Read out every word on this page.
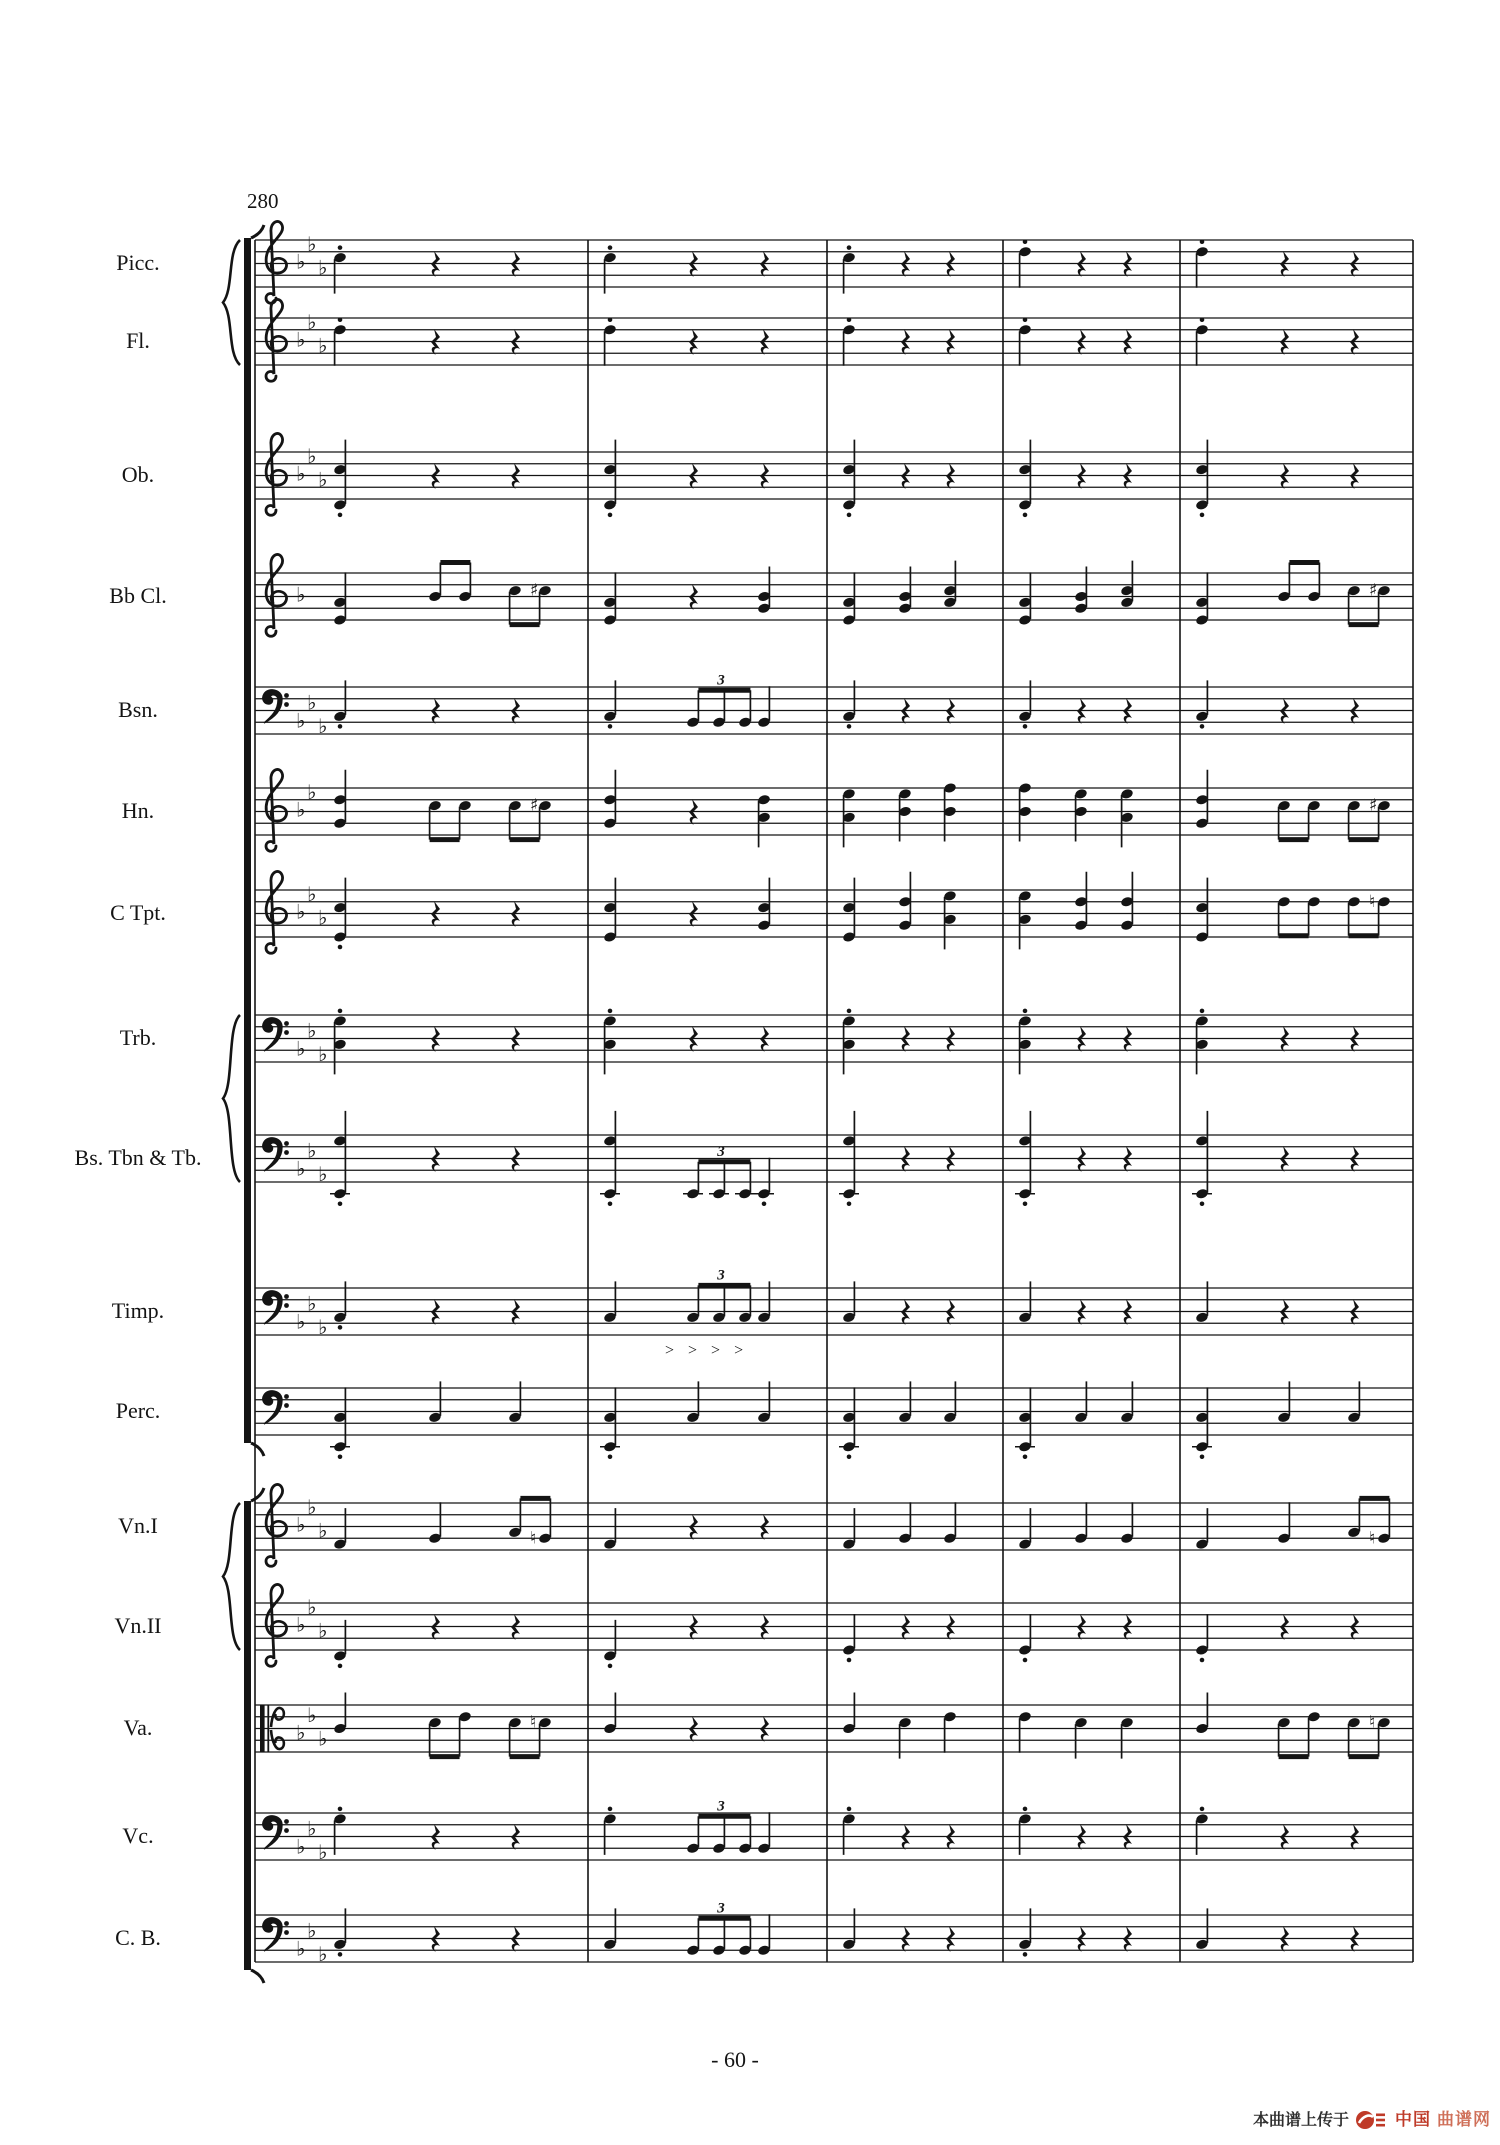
280
♭
♭
♭
♭
♭
♭
♭
♭
♭
♭	♯	♯
♭
♭
♭
3
♭
♭
♯	♯
♭
♭
♭
♮
♭
♭
♭
♭
♭
♭
3
♭
♭
♭
3
> > > >
♭
♭
♭	♮	♮
♭
♭
♭
♭
♭
♭
♮	♮
♭
♭
♭
3
♭
♭
♭
3
Picc.
Fl.
Ob.
Bb Cl.
Bsn.
Hn.
C Tpt.
Trb.
Bs. Tbn & Tb.
Timp.
Perc.
Vn.I
Vn.II
Va.
Vc.
C. B.
- 60 -
本曲谱上传于	中国 曲谱网
